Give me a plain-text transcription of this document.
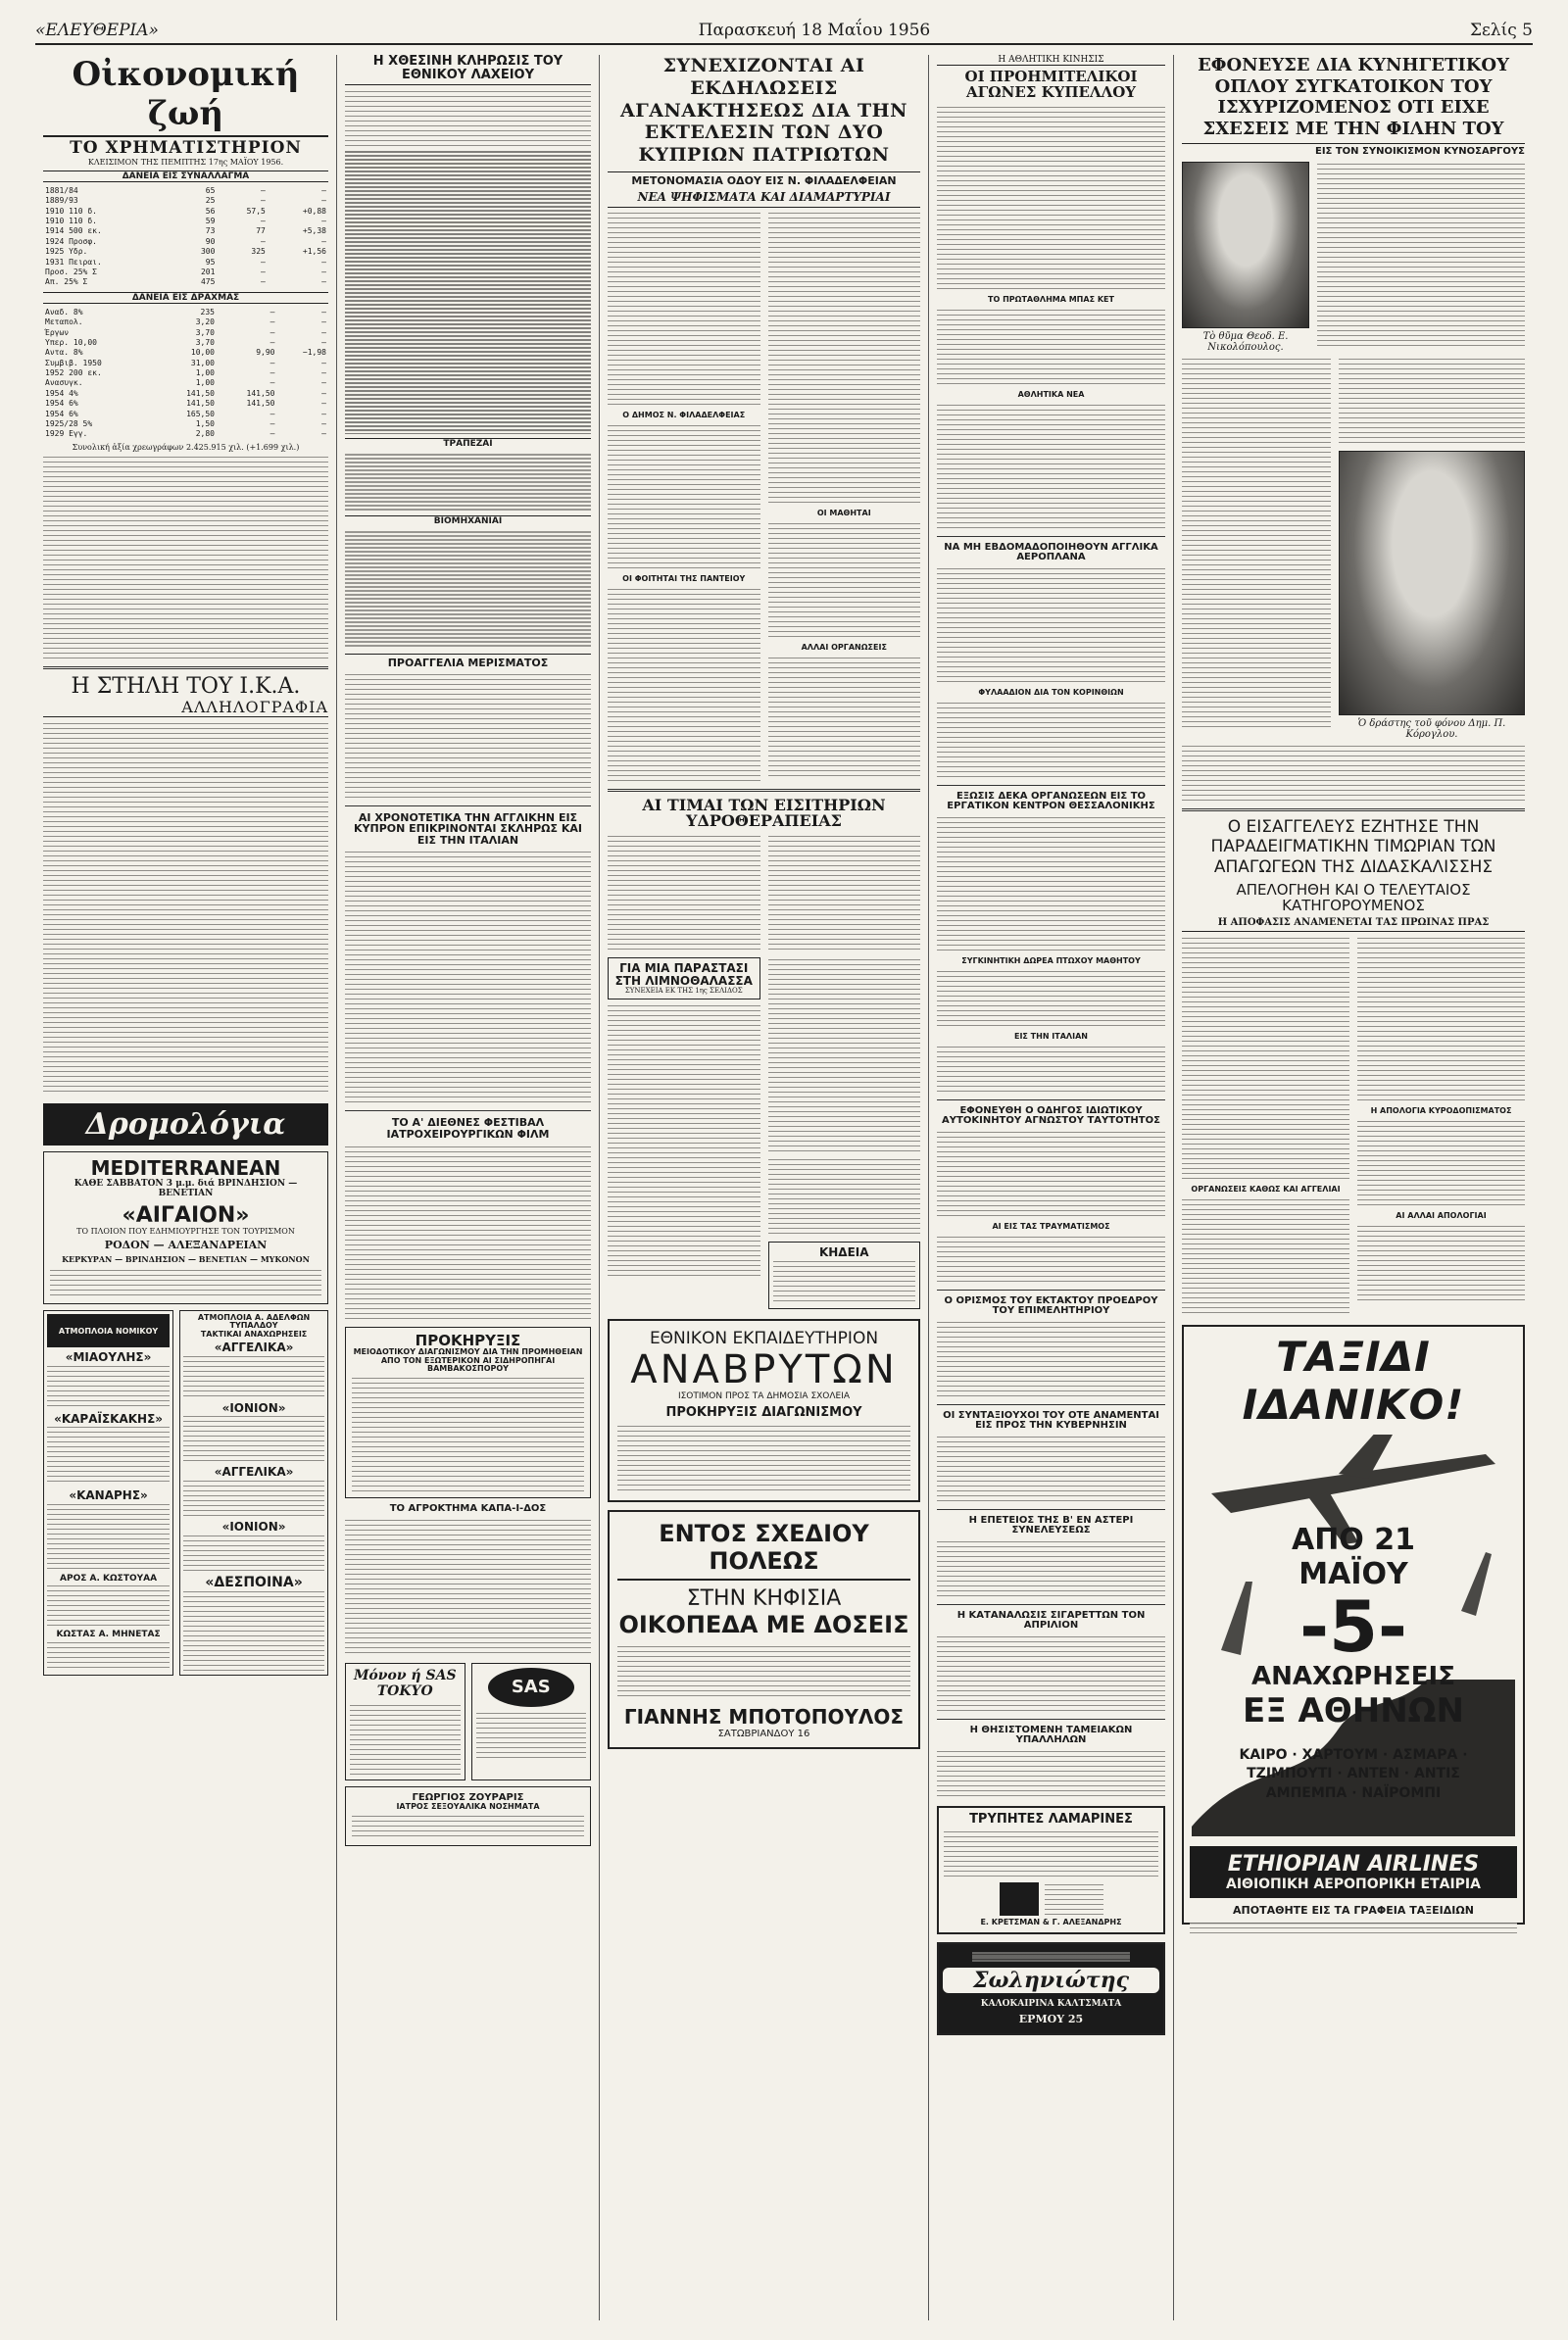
«ΕΛΕΥΘΕΡΙΑ»	Παρασκευή 18 Μαΐου 1956	Σελίς 5
Οἰκονομική ζωή
ΤΟ ΧΡΗΜΑΤΙΣΤΗΡΙΟΝ
ΚΛΕΙΣΙΜΟΝ ΤΗΣ ΠΕΜΠΤΗΣ 17ης ΜΑΪΟΥ 1956.
ΔΑΝΕΙΑ ΕΙΣ ΣΥΝΑΛΛΑΓΜΑ
1881/84	65	—	—
1889/93	25	—	—
1910 110 δ.	56	57,5	+0,88
1910 110 δ.	59	—	—
1914 500 εκ.	73	77	+5,38
1924 Προσφ.	90	—	—
1925 Υδρ.	300	325	+1,56
1931 Πειραι.	95	—	—
Προσ. 25% Σ	201	—	—
Απ. 25% Σ	475	—	—
ΔΑΝΕΙΑ ΕΙΣ ΔΡΑΧΜΑΣ
Αναδ. 8%	235	—	—
Μεταπολ.	3,20	—	—
Έργων	3,70	—	—
Υπερ. 10,00	3,70	—	—
Αντα. 8%	10,00	9,90	−1,98
Συμβιβ. 1950	31,00	—	—
1952 200 εκ.	1,00	—	—
Ανασυγκ.	1,00	—	—
1954 4%	141,50	141,50	—
1954 6%	141,50	141,50	—
1954 6%	165,50	—	—
1925/28 5%	1,50	—	—
1929 Εγγ.	2,80	—	—
Συνολική ἀξία χρεωγράφων 2.425.915 χιλ. (+1.699 χιλ.)
Η ΣΤΗΛΗ ΤΟΥ Ι.Κ.Α.
ΑΛΛΗΛΟΓΡΑΦΙΑ
Δρομολόγια
ΜEDITERRANEAN
ΚΑΘΕ ΣΑΒΒΑΤΟΝ 3 μ.μ. διά ΒΡΙΝΔΗΣΙΟΝ — ΒΕΝΕΤΙΑΝ
«ΑΙΓΑΙΟΝ»
ΤΟ ΠΛΟΙΟΝ ΠΟΥ ΕΔΗΜΙΟΥΡΓΗΣΕ ΤΟΝ ΤΟΥΡΙΣΜΟΝ
ΡΟΔΟΝ — ΑΛΕΞΑΝΔΡΕΙΑΝ
ΚΕΡΚΥΡΑΝ — ΒΡΙΝΔΗΣΙΟΝ — ΒΕΝΕΤΙΑΝ — ΜΥΚΟΝΟΝ
ΑΤΜΟΠΛΟΙΑ ΝΟΜΙΚΟΥ
«ΜΙΑΟΥΛΗΣ»
«ΚΑΡΑΪΣΚΑΚΗΣ»
«ΚΑΝΑΡΗΣ»
ΑΡΟΣ Α. ΚΩΣΤΟΥΑΑ
ΚΩΣΤΑΣ Α. ΜΗΝΕΤΑΣ
ΑΤΜΟΠΛΟΙΑ Α. ΑΔΕΛΦΩΝ ΤΥΠΑΛΔΟΥ
ΤΑΚΤΙΚΑΙ ΑΝΑΧΩΡΗΣΕΙΣ
«ΑΓΓΕΛΙΚΑ»
«ΙΟΝΙΟΝ»
«ΑΓΓΕΛΙΚΑ»
«ΙΟΝΙΟΝ»
«ΔΕΣΠΟΙΝΑ»
Η ΧΘΕΣΙΝΗ ΚΛΗΡΩΣΙΣ ΤΟΥ ΕΘΝΙΚΟΥ ΛΑΧΕΙΟΥ
ΤΡΑΠΕΖΑΙ
ΒΙΟΜΗΧΑΝΙΑΙ
ΠΡΟΑΓΓΕΛΙΑ ΜΕΡΙΣΜΑΤΟΣ
ΑΙ ΧΡΟΝΟΤΕΤΙΚΑ ΤΗΝ ΑΓΓΛΙΚΗΝ ΕΙΣ ΚΥΠΡΟΝ ΕΠΙΚΡΙΝΟΝΤΑΙ ΣΚΛΗΡΩΣ ΚΑΙ ΕΙΣ ΤΗΝ ΙΤΑΛΙΑΝ
ΤΟ Α' ΔΙΕΘΝΕΣ ΦΕΣΤΙΒΑΛ ΙΑΤΡΟΧΕΙΡΟΥΡΓΙΚΩΝ ΦΙΛΜ
ΠΡΟΚΗΡΥΞΙΣ
ΜΕΙΟΔΟΤΙΚΟΥ ΔΙΑΓΩΝΙΣΜΟΥ ΔΙΑ ΤΗΝ ΠΡΟΜΗΘΕΙΑΝ ΑΠΟ ΤΟΝ ΕΞΩΤΕΡΙΚΟΝ ΑΙ ΣΙΔΗΡΟΠΗΓΑΙ ΒΑΜΒΑΚΟΣΠΟΡΟΥ
ΤΟ ΑΓΡΟΚΤΗΜΑ ΚΑΠΑ-Ι-ΔΟΣ
Μόνον ή SAS ΤΟΚΥΟ	SAS
ΓΕΩΡΓΙΟΣ ΖΟΥΡΑΡΙΣ
ΙΑΤΡΟΣ ΣΕΞΟΥΑΛΙΚΑ ΝΟΣΗΜΑΤΑ
ΣΥΝΕΧΙΖΟΝΤΑΙ ΑΙ ΕΚΔΗΛΩΣΕΙΣ ΑΓΑΝΑΚΤΗΣΕΩΣ ΔΙΑ ΤΗΝ ΕΚΤΕΛΕΣΙΝ ΤΩΝ ΔΥΟ ΚΥΠΡΙΩΝ ΠΑΤΡΙΩΤΩΝ
ΜΕΤΟΝΟΜΑΣΙΑ ΟΔΟΥ ΕΙΣ Ν. ΦΙΛΑΔΕΛΦΕΙΑΝ
ΝΕΑ ΨΗΦΙΣΜΑΤΑ ΚΑΙ ΔΙΑΜΑΡΤΥΡΙΑΙ
Ο ΔΗΜΟΣ Ν. ΦΙΛΑΔΕΛΦΕΙΑΣ
ΟΙ ΦΟΙΤΗΤΑΙ ΤΗΣ ΠΑΝΤΕΙΟΥ
ΟΙ ΜΑΘΗΤΑΙ
ΑΛΛΑΙ ΟΡΓΑΝΩΣΕΙΣ
ΑΙ ΤΙΜΑΙ ΤΩΝ ΕΙΣΙΤΗΡΙΩΝ ΥΔΡΟΘΕΡΑΠΕΙΑΣ
ΓΙΑ ΜΙΑ ΠΑΡΑΣΤΑΣΙ ΣΤΗ ΛΙΜΝΟΘΑΛΑΣΣΑ
ΣΥΝΕΧΕΙΑ ΕΚ ΤΗΣ 1ης ΣΕΛΙΔΟΣ
ΚΗΔΕΙΑ
ΕΘΝΙΚΟΝ ΕΚΠΑΙΔΕΥΤΗΡΙΟΝ
ΑΝΑΒΡΥΤΩΝ
ΙΣΟΤΙΜΟΝ ΠΡΟΣ ΤΑ ΔΗΜΟΣΙΑ ΣΧΟΛΕΙΑ
ΠΡΟΚΗΡΥΞΙΣ ΔΙΑΓΩΝΙΣΜΟΥ
ΕΝΤΟΣ ΣΧΕΔΙΟΥ ΠΟΛΕΩΣ
ΣΤΗΝ ΚΗΦΙΣΙΑ
ΟΙΚΟΠΕΔΑ ΜΕ ΔΟΣΕΙΣ
ΓΙΑΝΝΗΣ ΜΠΟΤΟΠΟΥΛΟΣ
ΣΑΤΩΒΡΙΑΝΔΟΥ 16
Η ΑΘΛΗΤΙΚΗ ΚΙΝΗΣΙΣ
ΟΙ ΠΡΟΗΜΙΤΕΛΙΚΟΙ ΑΓΩΝΕΣ ΚΥΠΕΛΛΟΥ
ΤΟ ΠΡΩΤΑΘΛΗΜΑ ΜΠΑΣ ΚΕΤ
ΑΘΛΗΤΙΚΑ ΝΕΑ
ΝΑ ΜΗ ΕΒΔΟΜΑΔΟΠΟΙΗΘΟΥΝ ΑΓΓΛΙΚΑ ΑΕΡΟΠΛΑΝΑ
ΦΥΛΑΑΔΙΟΝ ΔΙΑ ΤΟΝ ΚΟΡΙΝΘΙΩΝ
ΕΞΩΣΙΣ ΔΕΚΑ ΟΡΓΑΝΩΣΕΩΝ ΕΙΣ ΤΟ ΕΡΓΑΤΙΚΟΝ ΚΕΝΤΡΟΝ ΘΕΣΣΑΛΟΝΙΚΗΣ
ΣΥΓΚΙΝΗΤΙΚΗ ΔΩΡΕΑ ΠΤΩΧΟΥ ΜΑΘΗΤΟΥ
ΕΙΣ ΤΗΝ ΙΤΑΛΙΑΝ
ΕΦΟΝΕΥΘΗ Ο ΟΔΗΓΟΣ ΙΔΙΩΤΙΚΟΥ ΑΥΤΟΚΙΝΗΤΟΥ ΑΓΝΩΣΤΟΥ ΤΑΥΤΟΤΗΤΟΣ
ΑΙ ΕΙΣ ΤΑΣ ΤΡΑΥΜΑΤΙΣΜΟΣ
Ο ΟΡΙΣΜΟΣ ΤΟΥ ΕΚΤΑΚΤΟΥ ΠΡΟΕΔΡΟΥ ΤΟΥ ΕΠΙΜΕΛΗΤΗΡΙΟΥ
ΟΙ ΣΥΝΤΑΞΙΟΥΧΟΙ ΤΟΥ ΟΤΕ ΑΝΑΜΕΝΤΑΙ ΕΙΣ ΠΡΟΣ ΤΗΝ ΚΥΒΕΡΝΗΣΙΝ
Η ΕΠΕΤΕΙΟΣ ΤΗΣ Β' ΕΝ ΑΣΤΕΡΙ ΣΥΝΕΛΕΥΣΕΩΣ
Η ΚΑΤΑΝΑΛΩΣΙΣ ΣΙΓΑΡΕΤΤΩΝ ΤΟΝ ΑΠΡΙΛΙΟΝ
Η ΘΗΣΙΣΤΟΜΕΝΗ ΤΑΜΕΙΑΚΩΝ ΥΠΑΛΛΗΛΩΝ
ΤΡΥΠΗΤΕΣ ΛΑΜΑΡΙΝΕΣ
Ε. ΚΡΕΤΣΜΑΝ & Γ. ΑΛΕΞΑΝΔΡΗΣ
Σωληνιώτης
ΚΑΛΟΚΑΙΡΙΝΑ ΚΑΛΤΣΜΑΤΑ
ΕΡΜΟΥ 25
ΕΦΟΝΕΥΣΕ ΔΙΑ ΚΥΝΗΓΕΤΙΚΟΥ ΟΠΛΟΥ ΣΥΓΚΑΤΟΙΚΟΝ ΤΟΥ ΙΣΧΥΡΙΖΟΜΕΝΟΣ ΟΤΙ ΕΙΧΕ ΣΧΕΣΕΙΣ ΜΕ ΤΗΝ ΦΙΛΗΝ ΤΟΥ
ΕΙΣ ΤΟΝ ΣΥΝΟΙΚΙΣΜΟΝ ΚΥΝΟΣΑΡΓΟΥΣ
Τὸ θῦμα Θεοδ. Ε. Νικολόπουλος.
Ὁ δράστης τοῦ φόνου Δημ. Π. Κόρογλου.
Ο ΕΙΣΑΓΓΕΛΕΥΣ ΕΖΗΤΗΣΕ ΤΗΝ ΠΑΡΑΔΕΙΓΜΑΤΙΚΗΝ ΤΙΜΩΡΙΑΝ ΤΩΝ ΑΠΑΓΩΓΕΩΝ ΤΗΣ ΔΙΔΑΣΚΑΛΙΣΣΗΣ
ΑΠΕΛΟΓΗΘΗ ΚΑΙ Ο ΤΕΛΕΥΤΑΙΟΣ ΚΑΤΗΓΟΡΟΥΜΕΝΟΣ
Η ΑΠΟΦΑΣΙΣ ΑΝΑΜΕΝΕΤΑΙ ΤΑΣ ΠΡΩΙΝΑΣ ΠΡΑΣ
ΟΡΓΑΝΩΣΕΙΣ ΚΑΘΩΣ ΚΑΙ ΑΓΓΕΛΙΑΙ
Η ΑΠΟΛΟΓΙΑ ΚΥΡΟΔΟΠΙΣΜΑΤΟΣ
ΑΙ ΑΛΛΑΙ ΑΠΟΛΟΓΙΑΙ
ΤΑΞΙΔΙ ΙΔΑΝΙΚΟ!
ΑΠΟ 21 ΜΑΪΟΥ
-5-
ΑΝΑΧΩΡΗΣΕΙΣ
ΕΞ ΑΘΗΝΩΝ
ΚΑΙΡΟ · ΧΑΡΤΟΥΜ · ΑΣΜΑΡΑ · ΤΖΙΜΠΟΥΤΙ · ΑΝΤΕΝ · ΑΝΤΙΣ ΑΜΠΕΜΠΑ · ΝΑΪΡΟΜΠΙ
ETHIOPIAN AIRLINES
ΑΙΘΙΟΠΙΚΗ ΑΕΡΟΠΟΡΙΚΗ ΕΤΑΙΡΙΑ
ΑΠΟΤΑΘΗΤΕ ΕΙΣ ΤΑ ΓΡΑΦΕΙΑ ΤΑΞΕΙΔΙΩΝ
